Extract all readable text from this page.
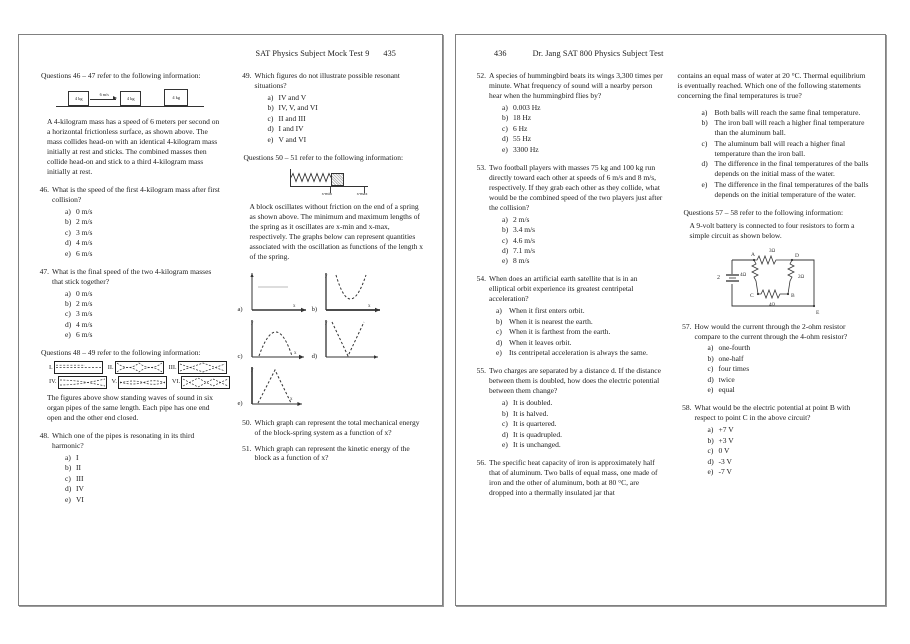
SAT Physics Subject Mock Test 9 435
Questions 46 – 47 refer to the following information:
4 kg
6 m/s
4 kg	4 kg
A 4-kilogram mass has a speed of 6 meters per second on a horizontal frictionless surface, as shown above. The mass collides head-on with an identical 4-kilogram mass initially at rest and sticks. The combined masses then collide head-on and stick to a third 4-kilogram mass initially at rest.
46. What is the speed of the first 4-kilogram mass after first collision?
a) 0 m/s
b) 2 m/s
c) 3 m/s
d) 4 m/s
e) 6 m/s
47. What is the final speed of the two 4-kilogram masses that stick together?
a) 0 m/s
b) 2 m/s
c) 3 m/s
d) 4 m/s
e) 6 m/s
Questions 48 – 49 refer to the following information:
I.	II.	III.
IV.	V.	VI.
The figures above show standing waves of sound in six organ pipes of the same length. Each pipe has one end open and the other end closed.
48. Which one of the pipes is resonating in its third harmonic?
a) I
b) II
c) III
d) IV
e) VI
49. Which figures do not illustrate possible resonant situations?
a) IV and V
b) IV, V, and VI
c) II and III
d) I and IV
e) V and VI
Questions 50 – 51 refer to the following information:
x-min	x-max
A block oscillates without friction on the end of a spring as shown above. The minimum and maximum lengths of the spring as it oscillates are x-min and x-max, respectively. The graphs below can represent quantities associated with the oscillation as functions of the length x of the spring.
a)	x	b)
y
x
c)
y
x d)
y
e)
y
x
50. Which graph can represent the total mechanical energy of the block-spring system as a function of x?
51. Which graph can represent the kinetic energy of the block as a function of x?
436	Dr. Jang SAT 800 Physics Subject Test
52. A species of hummingbird beats its wings 3,300 times per minute. What frequency of sound will a nearby person hear when the hummingbird flies by?
a) 0.003 Hz
b) 18 Hz
c) 6 Hz
d) 55 Hz
e) 3300 Hz
53. Two football players with masses 75 kg and 100 kg run directly toward each other at speeds of 6 m/s and 8 m/s, respectively. If they grab each other as they collide, what would be the combined speed of the two players just after the collision?
a) 2 m/s
b) 3.4 m/s
c) 4.6 m/s
d) 7.1 m/s
e) 8 m/s
54. When does an artificial earth satellite that is in an elliptical orbit experience its greatest centripetal acceleration?
a) When it first enters orbit.
b) When it is nearest the earth.
c) When it is farthest from the earth.
d) When it leaves orbit.
e) Its centripetal acceleration is always the same.
55. Two charges are separated by a distance d. If the distance between them is doubled, how does the electric potential between them change?
a) It is doubled.
b) It is halved.
c) It is quartered.
d) It is quadrupled.
e) It is unchanged.
56. The specific heat capacity of iron is approximately half that of aluminum. Two balls of equal mass, one made of iron and the other of aluminum, both at 80 °C, are dropped into a thermally insulated jar that
contains an equal mass of water at 20 °C. Thermal equilibrium is eventually reached. Which one of the following statements concerning the final temperatures is true?
a) Both balls will reach the same final temperature.
b) The iron ball will reach a higher final temperature than the aluminum ball.
c) The aluminum ball will reach a higher final temperature than the iron ball.
d) The difference in the final temperatures of the balls depends on the initial mass of the water.
e) The difference in the final temperatures of the balls depends on the initial temperature of the water.
Questions 57 – 58 refer to the following information:
A 9-volt battery is connected to four resistors to form a simple circuit as shown below.
2
A
3Ω
D
4Ω	2Ω
4Ω
C	B
E
57. How would the current through the 2-ohm resistor compare to the current through the 4-ohm resistor?
a) one-fourth
b) one-half
c) four times
d) twice
e) equal
58. What would be the electric potential at point B with respect to point C in the above circuit?
a) +7 V
b) +3 V
c) 0 V
d) -3 V
e) -7 V
